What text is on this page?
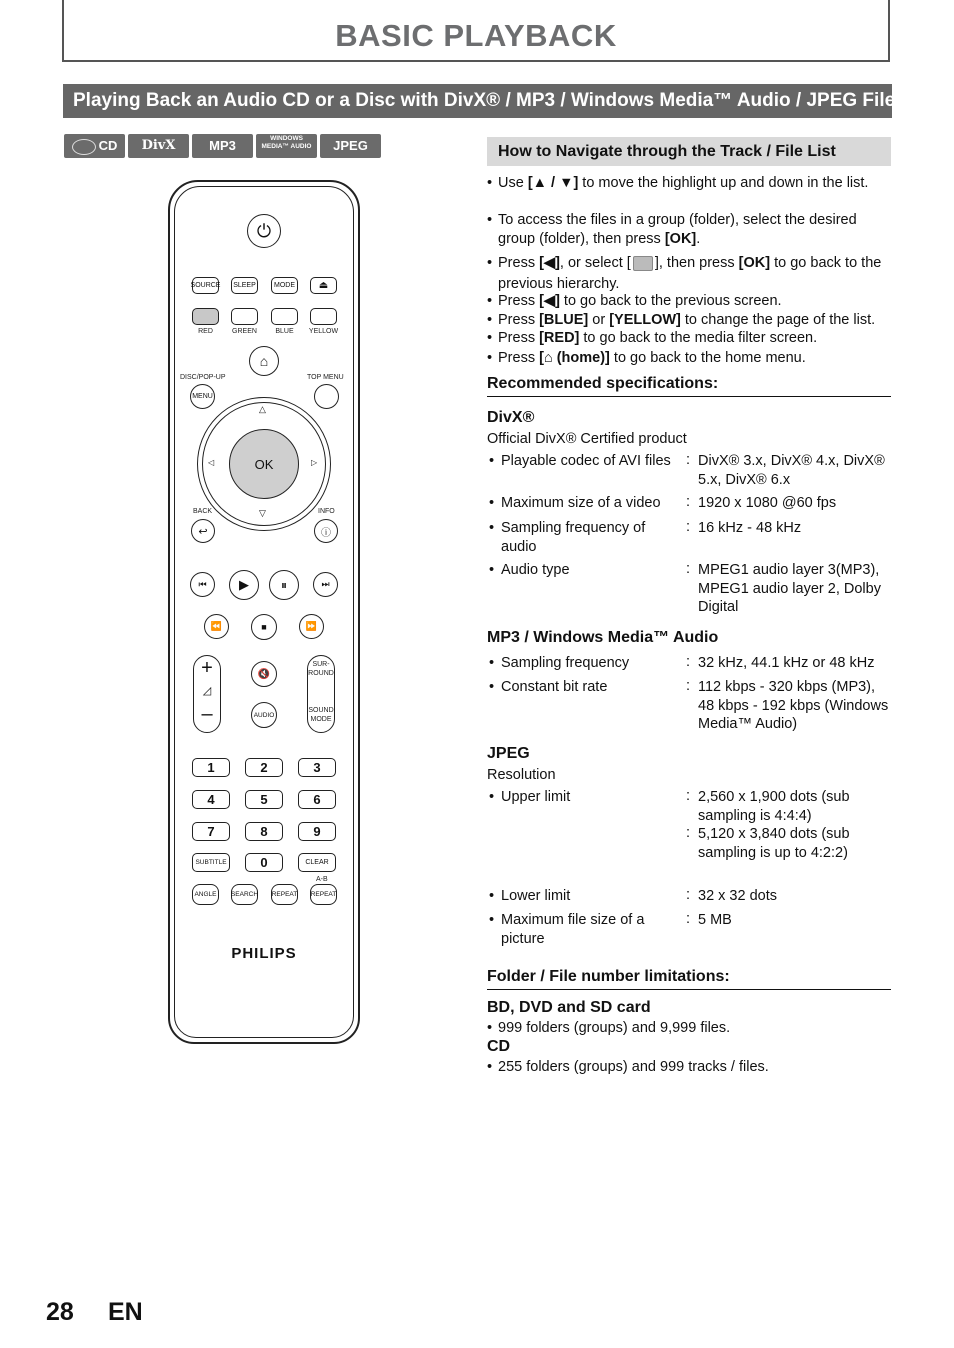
BASIC PLAYBACK
Playing Back an Audio CD or a Disc with DivX® / MP3 / Windows Media™ Audio / JPEG Files
CD	DivX	MP3	WINDOWS MEDIA™ AUDIO	JPEG
⏻
SOURCE	SLEEP	MODE	⏏
RED	GREEN	BLUE	YELLOW
⌂
DISC/POP-UP	TOP MENU
MENU
OK
△
▽
◁	▷
BACK	INFO
↩	ⓘ
⏮ ▶	⏸	⏭
⏪	■	⏩
+
◿
–
🔇
AUDIO
SUR-ROUND
SOUND MODE
1	2	3
4	5	6
7	8	9
SUBTITLE	0	CLEAR
A-B
ANGLE	SEARCH REPEAT REPEAT
PHILIPS
How to Navigate through the Track / File List
• Use [▲ / ▼] to move the highlight up and down in the list.
• To access the files in a group (folder), select the desired group (folder), then press [OK].
• Press [◀], or select [ ], then press [OK] to go back to the previous hierarchy.
• Press [◀] to go back to the previous screen.
• Press [BLUE] or [YELLOW] to change the page of the list.
• Press [RED] to go back to the media filter screen.
• Press [⌂ (home)] to go back to the home menu.
Recommended specifications:
DivX®
Official DivX® Certified product
• Playable codec of AVI files : DivX® 3.x, DivX® 4.x, DivX® 5.x, DivX® 6.x
• Maximum size of a video	: 1920 x 1080 @60 fps
• Sampling frequency of audio
: 16 kHz - 48 kHz
• Audio type	: MPEG1 audio layer 3(MP3), MPEG1 audio layer 2, Dolby Digital
MP3 / Windows Media™ Audio
• Sampling frequency	: 32 kHz, 44.1 kHz or 48 kHz
• Constant bit rate	: 112 kbps - 320 kbps (MP3), 48 kbps - 192 kbps (Windows Media™ Audio)
JPEG
Resolution
• Upper limit	: 2,560 x 1,900 dots (sub sampling is 4:4:4)
: 5,120 x 3,840 dots (sub sampling is up to 4:2:2)
• Lower limit	: 32 x 32 dots
• Maximum file size of a picture
: 5 MB
Folder / File number limitations:
BD, DVD and SD card
• 999 folders (groups) and 9,999 files.
CD
• 255 folders (groups) and 999 tracks / files.
28 EN
